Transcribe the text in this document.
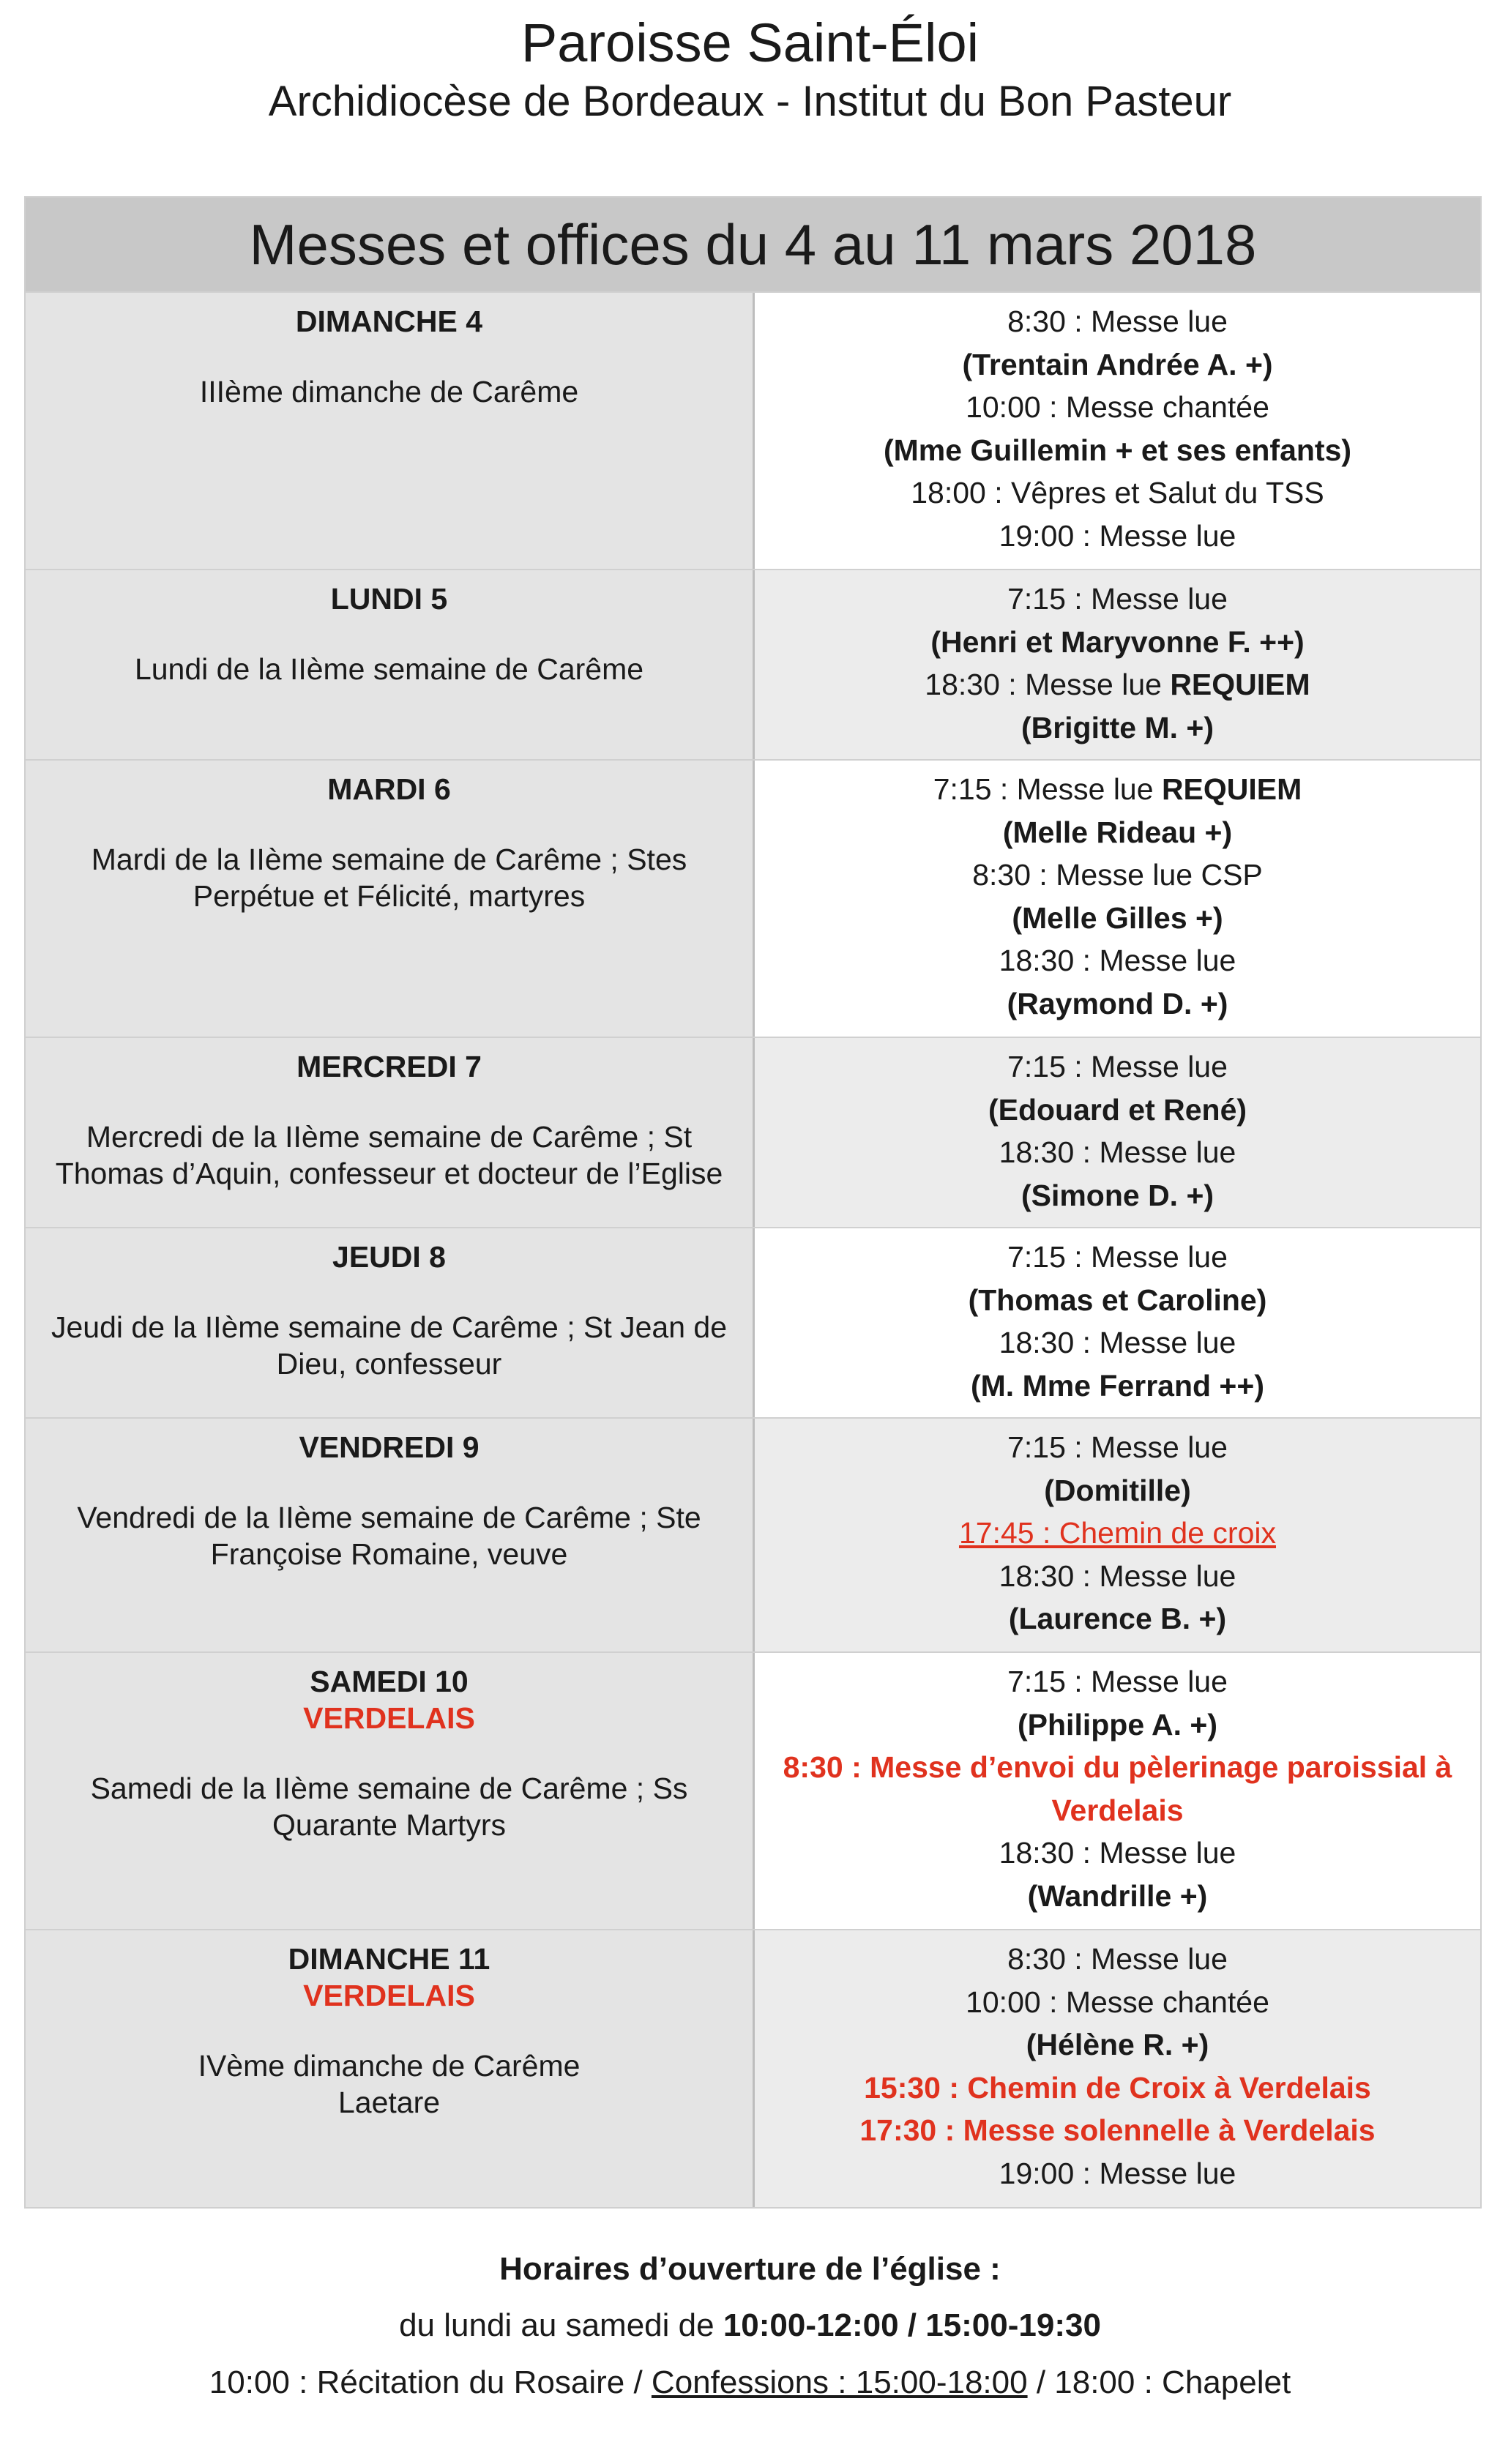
Paroisse Saint-Éloi
Archidiocèse de Bordeaux - Institut du Bon Pasteur
Messes et offices du 4 au 11 mars 2018
DIMANCHE 4
IIIème dimanche de Carême
8:30 : Messe lue
(Trentain Andrée A. +)
10:00 : Messe chantée
(Mme Guillemin + et ses enfants)
18:00 : Vêpres et Salut du TSS
19:00 : Messe lue
LUNDI 5
Lundi de la IIème semaine de Carême
7:15 : Messe lue
(Henri et Maryvonne F. ++)
18:30 : Messe lue REQUIEM
(Brigitte M. +)
MARDI 6
Mardi de la IIème semaine de Carême ; Stes Perpétue et Félicité, martyres
7:15 : Messe lue REQUIEM
(Melle Rideau +)
8:30 : Messe lue CSP
(Melle Gilles +)
18:30 : Messe lue
(Raymond D. +)
MERCREDI 7
Mercredi de la IIème semaine de Carême ; St Thomas d’Aquin, confesseur et docteur de l’Eglise
7:15 : Messe lue
(Edouard et René)
18:30 : Messe lue
(Simone D. +)
JEUDI 8
Jeudi de la IIème semaine de Carême ; St Jean de Dieu, confesseur
7:15 : Messe lue
(Thomas et Caroline)
18:30 : Messe lue
(M. Mme Ferrand ++)
VENDREDI 9
Vendredi de la IIème semaine de Carême ; Ste Françoise Romaine, veuve
7:15 : Messe lue
(Domitille)
17:45 : Chemin de croix
18:30 : Messe lue
(Laurence B. +)
SAMEDI 10
VERDELAIS
Samedi de la IIème semaine de Carême ; Ss Quarante Martyrs
7:15 : Messe lue
(Philippe A. +)
8:30 : Messe d’envoi du pèlerinage paroissial à Verdelais
18:30 : Messe lue
(Wandrille +)
DIMANCHE 11
VERDELAIS
IVème dimanche de Carême
Laetare
8:30 : Messe lue
10:00 : Messe chantée
(Hélène R. +)
15:30 : Chemin de Croix à Verdelais
17:30 : Messe solennelle à Verdelais
19:00 : Messe lue
Horaires d’ouverture de l’église :
du lundi au samedi de 10:00-12:00 / 15:00-19:30
10:00 : Récitation du Rosaire / Confessions : 15:00-18:00 / 18:00 : Chapelet
